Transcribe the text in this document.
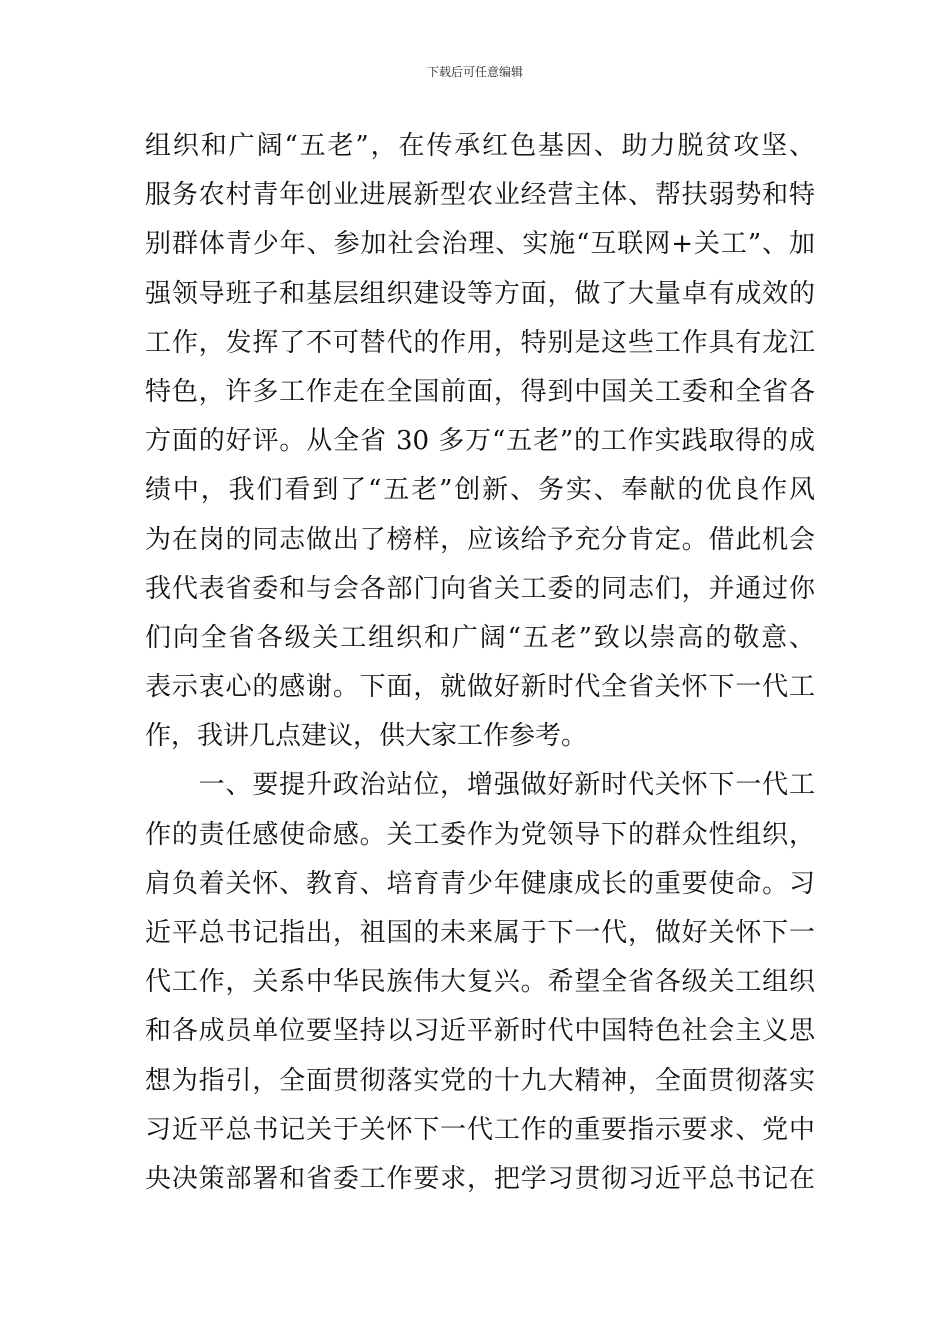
下载后可任意编辑
组织和广阔“五老”，在传承红色基因、助力脱贫攻坚、
服务农村青年创业进展新型农业经营主体、帮扶弱势和特
别群体青少年、参加社会治理、实施“互联网+关工”、加
强领导班子和基层组织建设等方面，做了大量卓有成效的
工作，发挥了不可替代的作用，特别是这些工作具有龙江
特色，许多工作走在全国前面，得到中国关工委和全省各
方面的好评。从全省 30 多万“五老”的工作实践取得的成
绩中，我们看到了“五老”创新、务实、奉献的优良作风
为在岗的同志做出了榜样，应该给予充分肯定。借此机会
我代表省委和与会各部门向省关工委的同志们，并通过你
们向全省各级关工组织和广阔“五老”致以崇高的敬意、
表示衷心的感谢。下面，就做好新时代全省关怀下一代工
作，我讲几点建议，供大家工作参考。
　　一、要提升政治站位，增强做好新时代关怀下一代工
作的责任感使命感。关工委作为党领导下的群众性组织，
肩负着关怀、教育、培育青少年健康成长的重要使命。习
近平总书记指出，祖国的未来属于下一代，做好关怀下一
代工作，关系中华民族伟大复兴。希望全省各级关工组织
和各成员单位要坚持以习近平新时代中国特色社会主义思
想为指引，全面贯彻落实党的十九大精神，全面贯彻落实
习近平总书记关于关怀下一代工作的重要指示要求、党中
央决策部署和省委工作要求，把学习贯彻习近平总书记在
